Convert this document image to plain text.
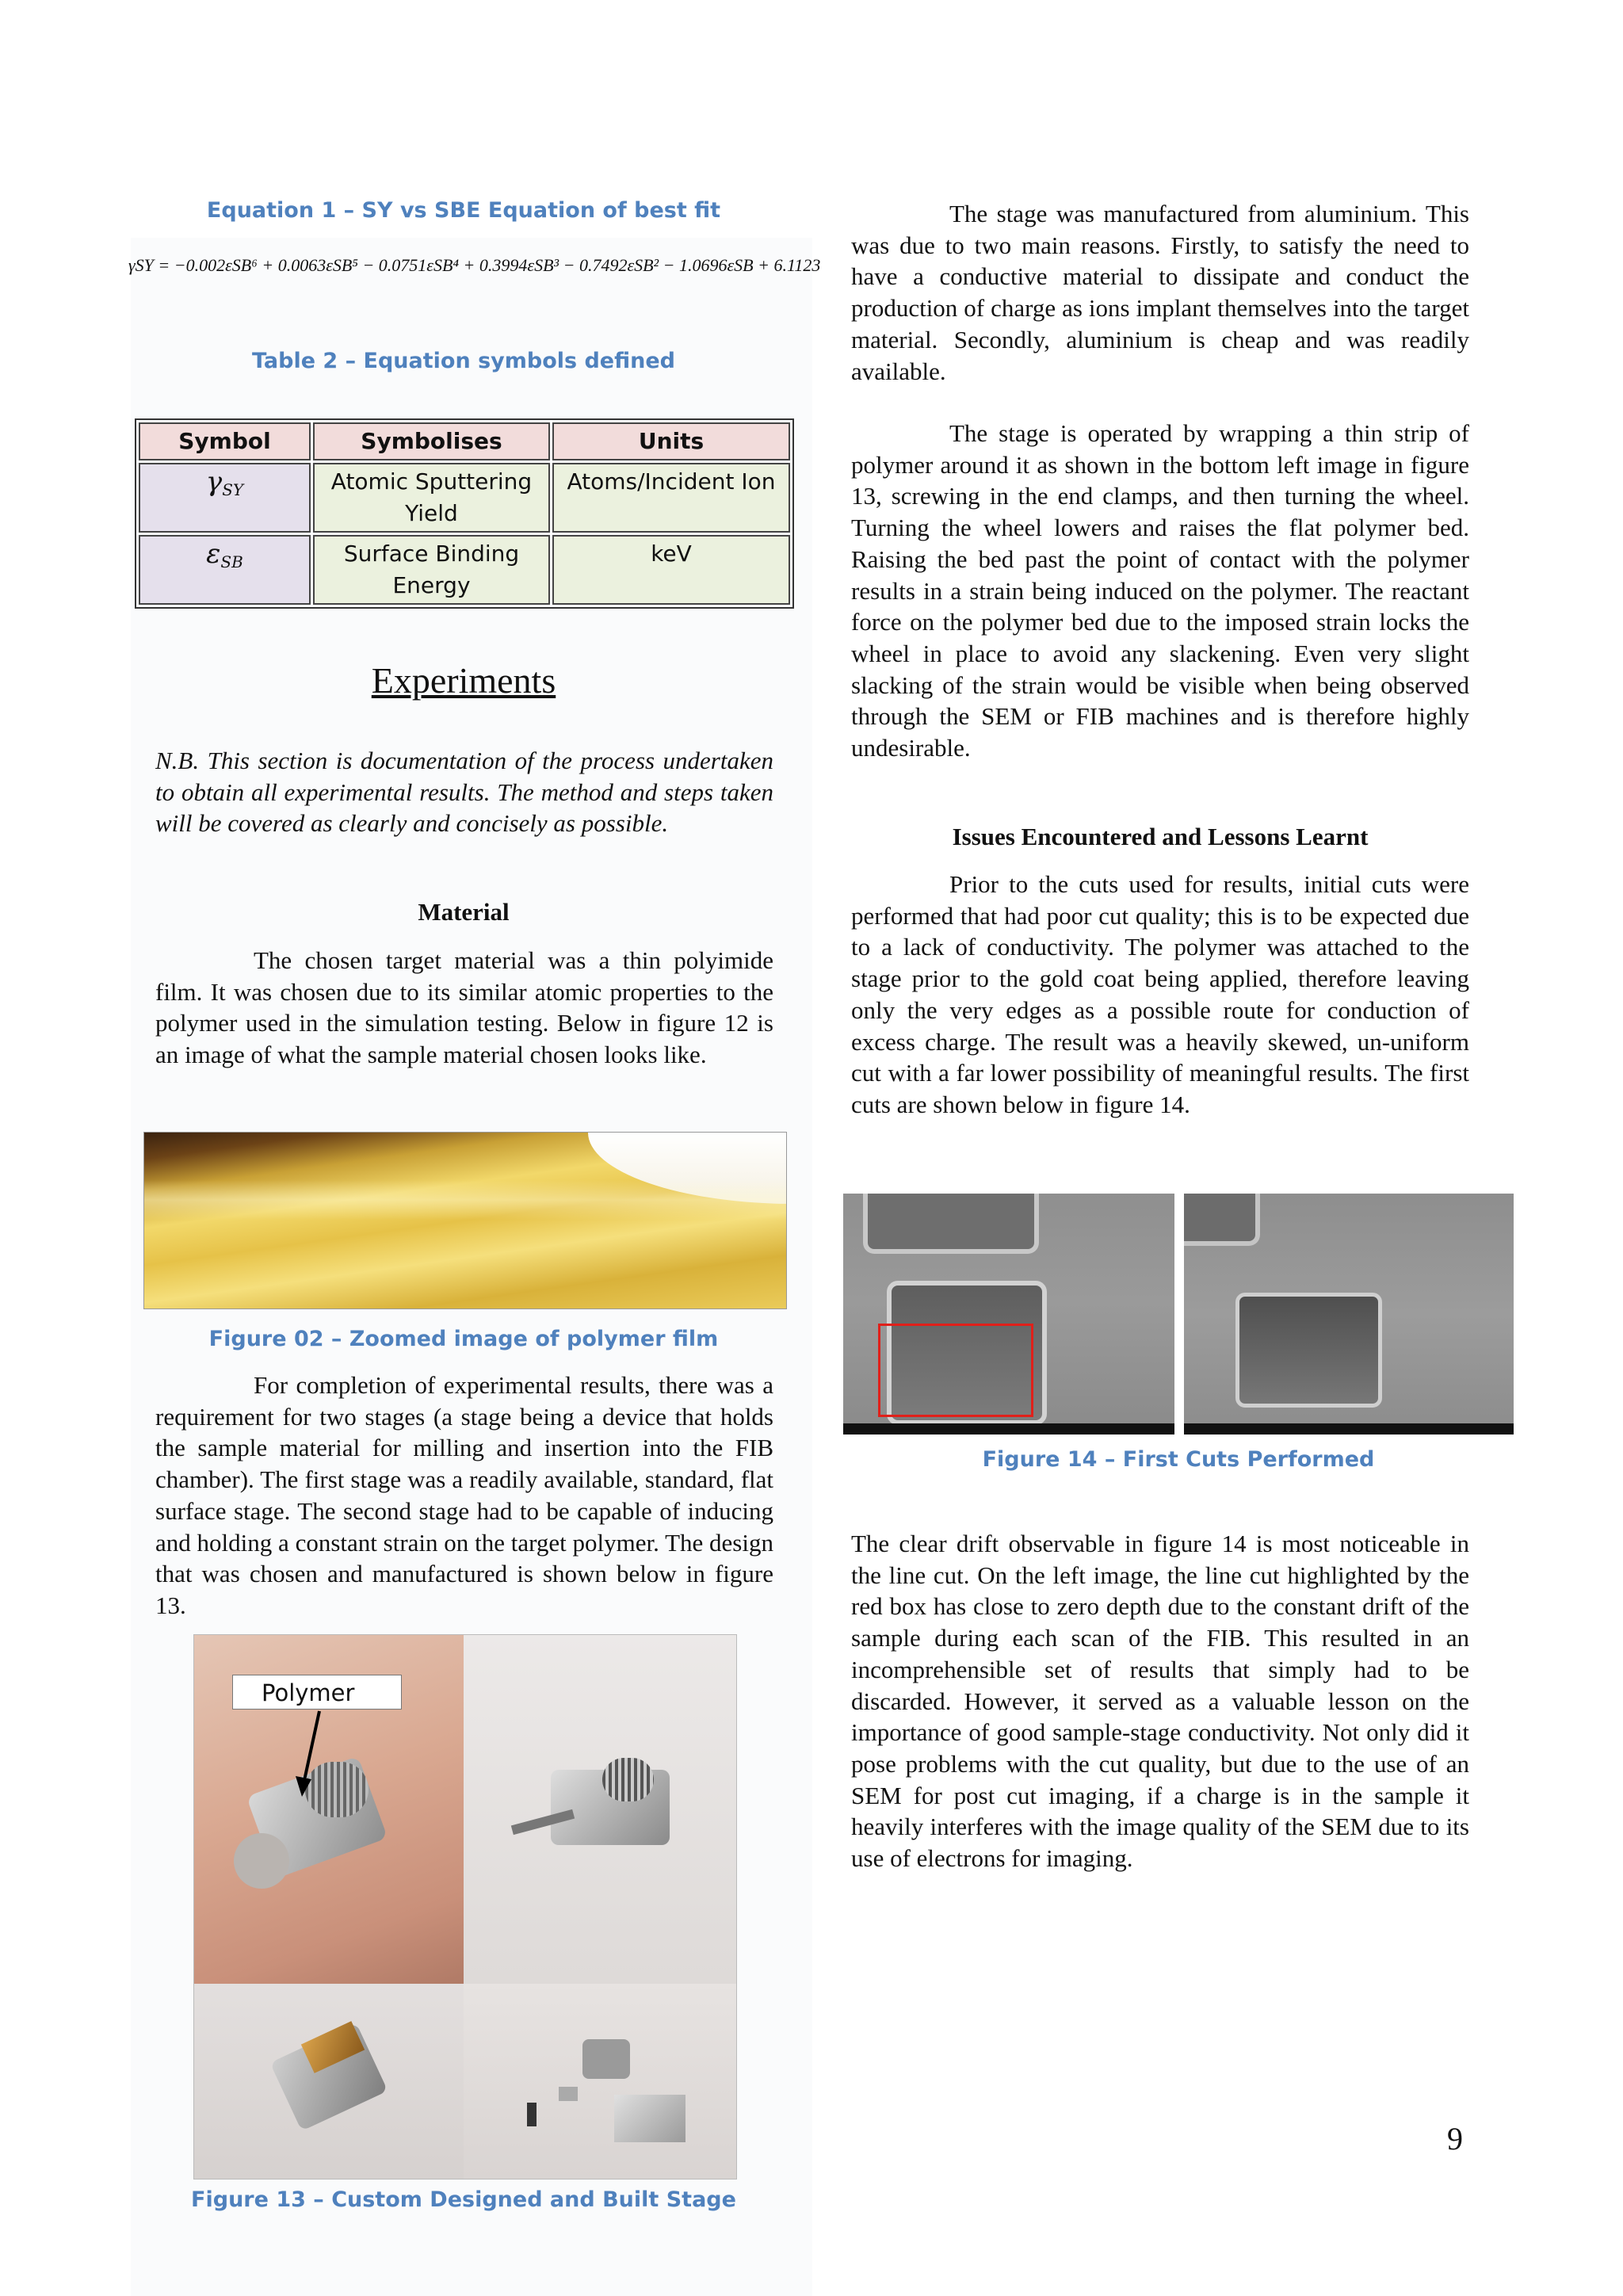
Equation 1 – SY vs SBE Equation of best fit
γSY = −0.002εSB⁶ + 0.0063εSB⁵ − 0.0751εSB⁴ + 0.3994εSB³ − 0.7492εSB² − 1.0696εSB + 6.1123
Table 2 – Equation symbols defined
Symbol	Symbolises	Units
$\gamma_{SY}$	Atomic Sputtering Yield	Atoms/Incident Ion
$\varepsilon_{SB}$	Surface Binding Energy	keV
Experiments

N.B. This section is documentation of the process undertaken to obtain all experimental results. The method and steps taken will be covered as clearly and concisely as possible.

Material

The chosen target material was a thin polyimide film. It was chosen due to its similar atomic properties to the polymer used in the simulation testing. Below in figure 12 is an image of what the sample material chosen looks like.

Figure 02 – Zoomed image of polymer film

For completion of experimental results, there was a requirement for two stages (a stage being a device that holds the sample material for milling and insertion into the FIB chamber). The first stage was a readily available, standard, flat surface stage. The second stage had to be capable of inducing and holding a constant strain on the target polymer. The design that was chosen and manufactured is shown below in figure 13.

Polymer
Figure 13 – Custom Designed and Built Stage

The stage was manufactured from aluminium. This was due to two main reasons. Firstly, to satisfy the need to have a conductive material to dissipate and conduct the production of charge as ions implant themselves into the target material. Secondly, aluminium is cheap and was readily available.

The stage is operated by wrapping a thin strip of polymer around it as shown in the bottom left image in figure 13, screwing in the end clamps, and then turning the wheel. Turning the wheel lowers and raises the flat polymer bed. Raising the bed past the point of contact with the polymer results in a strain being induced on the polymer. The reactant force on the polymer bed due to the imposed strain locks the wheel in place to avoid any slackening. Even very slight slacking of the strain would be visible when being observed through the SEM or FIB machines and is therefore highly undesirable.

Issues Encountered and Lessons Learnt

Prior to the cuts used for results, initial cuts were performed that had poor cut quality; this is to be expected due to a lack of conductivity. The polymer was attached to the stage prior to the gold coat being applied, therefore leaving only the very edges as a possible route for conduction of excess charge. The result was a heavily skewed, un-uniform cut with a far lower possibility of meaningful results. The first cuts are shown below in figure 14.

Figure 14 – First Cuts Performed

The clear drift observable in figure 14 is most noticeable in the line cut. On the left image, the line cut highlighted by the red box has close to zero depth due to the constant drift of the sample during each scan of the FIB. This resulted in an incomprehensible set of results that simply had to be discarded. However, it served as a valuable lesson on the importance of good sample-stage conductivity. Not only did it pose problems with the cut quality, but due to the use of an SEM for post cut imaging, if a charge is in the sample it heavily interferes with the image quality of the SEM due to its use of electrons for imaging.

9
